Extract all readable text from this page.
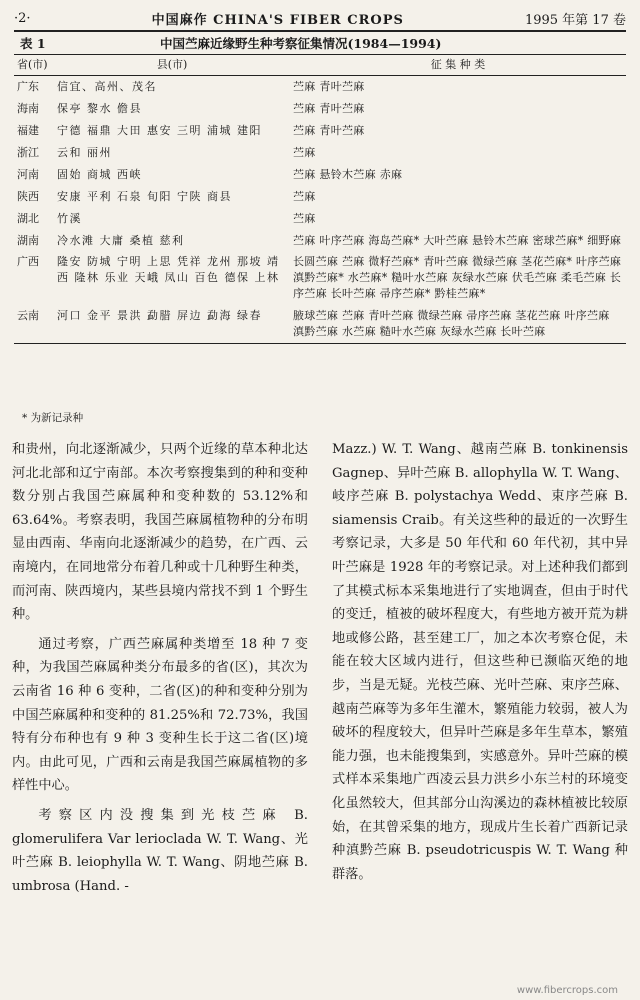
·2·	中国麻作 CHINA'S FIBER CROPS	1995 年第 17 卷
表 1	中国苎麻近缘野生种考察征集情况(1984—1994)
省(市)	县(市)	征 集 种 类
广东	信宜、高州、茂名	苎麻 青叶苎麻
海南	保亭 黎水 儋县	苎麻 青叶苎麻
福建	宁德 福鼎 大田 惠安 三明 浦城 建阳	苎麻 青叶苎麻
浙江	云和 丽州	苎麻
河南	固始 商城 西峡	苎麻 悬铃木苎麻 赤麻
陕西	安康 平利 石泉 旬阳 宁陕 商县	苎麻
湖北	竹溪	苎麻
湖南	冷水滩 大庸 桑植 慈利	苎麻 叶序苎麻 海岛苎麻* 大叶苎麻 悬铃木苎麻 密球苎麻* 细野麻
广西	隆安 防城 宁明 上思 凭祥 龙州 那坡 靖西 隆林 乐业 天峨 凤山 百色 德保 上林	长圆苎麻 苎麻 微籽苎麻* 青叶苎麻 微绿苎麻 茎花苎麻* 叶序苎麻 滇黔苎麻* 水苎麻* 糙叶水苎麻 灰绿水苎麻 伏毛苎麻 柔毛苎麻 长序苎麻 长叶苎麻 帚序苎麻* 黔桂苎麻*
云南	河口 金平 景洪 勐腊 屏边 勐海 绿春	腋球苎麻 苎麻 青叶苎麻 微绿苎麻 帚序苎麻 茎花苎麻 叶序苎麻 滇黔苎麻 水苎麻 糙叶水苎麻 灰绿水苎麻 长叶苎麻
* 为新记录种

和贵州，向北逐渐减少，只两个近缘的草本种北达河北北部和辽宁南部。本次考察搜集到的种和变种数分别占我国苎麻属种和变种数的 53.12%和 63.64%。考察表明，我国苎麻属植物种的分布明显由西南、华南向北逐渐减少的趋势，在广西、云南境内，在同地常分布着几种或十几种野生种类，而河南、陕西境内，某些县境内常找不到 1 个野生种。

通过考察，广西苎麻属种类增至 18 种 7 变种，为我国苎麻属种类分布最多的省(区)，其次为云南省 16 种 6 变种，二省(区)的种和变种分别为中国苎麻属种和变种的 81.25%和 72.73%，我国特有分布种也有 9 种 3 变种生长于这二省(区)境内。由此可见，广西和云南是我国苎麻属植物的多样性中心。

考察区内没搜集到光枝苎麻 B. glomerulifera Var lerioclada W. T. Wang、光叶苎麻 B. leiophylla W. T. Wang、阴地苎麻 B. umbrosa (Hand. -

Mazz.) W. T. Wang、越南苎麻 B. tonkinensis Gagnep、异叶苎麻 B. allophylla W. T. Wang、岐序苎麻 B. polystachya Wedd、束序苎麻 B. siamensis Craib。有关这些种的最近的一次野生考察记录，大多是 50 年代和 60 年代初，其中异叶苎麻是 1928 年的考察记录。对上述种我们都到了其模式标本采集地进行了实地调查，但由于时代的变迁，植被的破坏程度大，有些地方被开荒为耕地或修公路，甚至建工厂，加之本次考察仓促，未能在较大区域内进行，但这些种已濒临灭绝的地步，当是无疑。光枝苎麻、光叶苎麻、束序苎麻、越南苎麻等为多年生灌木，繁殖能力较弱，被人为破坏的程度较大，但异叶苎麻是多年生草本，繁殖能力强，也未能搜集到，实感意外。异叶苎麻的模式样本采集地广西凌云县力洪乡小东兰村的环境变化虽然较大，但其部分山沟溪边的森林植被比较原始，在其曾采集的地方，现成片生长着广西新记录种滇黔苎麻 B. pseudotricuspis W. T. Wang 种群落。

www.fibercrops.com
